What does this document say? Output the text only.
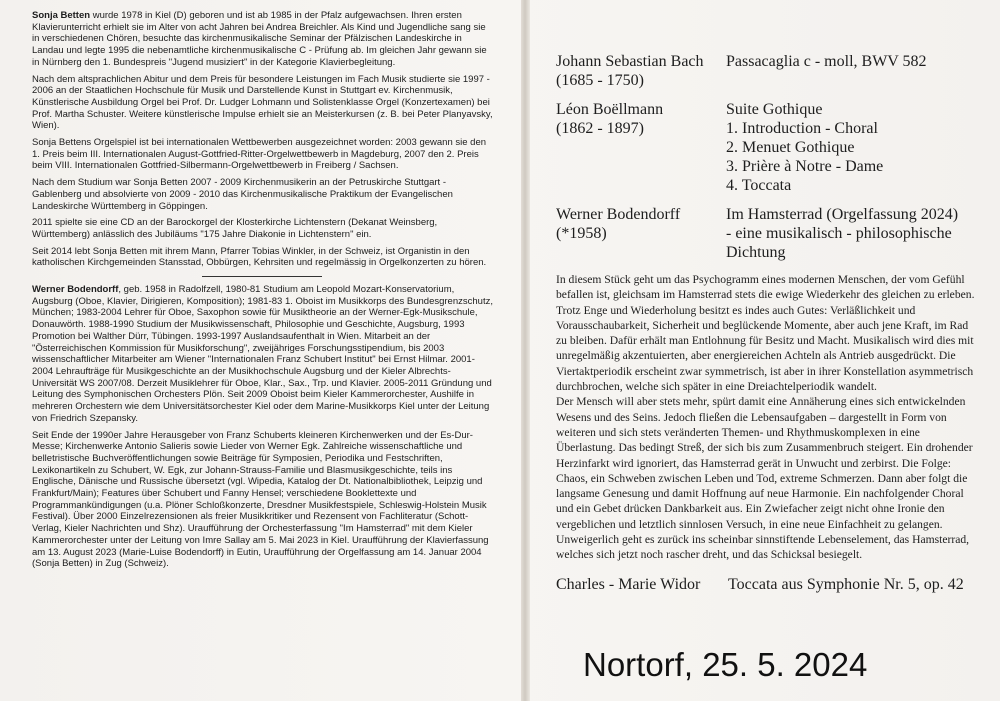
Sonja Betten wurde 1978 in Kiel (D) geboren und ist ab 1985 in der Pfalz aufgewachsen. Ihren ersten Klavierunterricht erhielt sie im Alter von acht Jahren bei Andrea Breichler. Als Kind und Jugendliche sang sie in verschiedenen Chören, besuchte das kirchenmusikalische Seminar der Pfälzischen Landeskirche in Landau und legte 1995 die nebenamtliche kirchenmusikalische C - Prüfung ab. Im gleichen Jahr gewann sie in Nürnberg den 1. Bundespreis "Jugend musiziert" in der Kategorie Klavierbegleitung.

Nach dem altsprachlichen Abitur und dem Preis für besondere Leistungen im Fach Musik studierte sie 1997 - 2006 an der Staatlichen Hochschule für Musik und Darstellende Kunst in Stuttgart ev. Kirchenmusik, Künstlerische Ausbildung Orgel bei Prof. Dr. Ludger Lohmann und Solistenklasse Orgel (Konzertexamen) bei Prof. Martha Schuster. Weitere künstlerische Impulse erhielt sie an Meisterkursen (z. B. bei Peter Planyavsky, Wien).

Sonja Bettens Orgelspiel ist bei internationalen Wettbewerben ausgezeichnet worden: 2003 gewann sie den 1. Preis beim III. Internationalen August-Gottfried-Ritter-Orgelwettbewerb in Magdeburg, 2007 den 2. Preis beim VIII. Internationalen Gottfried-Silbermann-Orgelwettbewerb in Freiberg / Sachsen.

Nach dem Studium war Sonja Betten 2007 - 2009 Kirchenmusikerin an der Petruskirche Stuttgart - Gablenberg und absolvierte von 2009 - 2010 das Kirchenmusikalische Praktikum der Evangelischen Landeskirche Württemberg in Göppingen.

2011 spielte sie eine CD an der Barockorgel der Klosterkirche Lichtenstern (Dekanat Weinsberg, Württemberg) anlässlich des Jubiläums "175 Jahre Diakonie in Lichtenstern" ein.

Seit 2014 lebt Sonja Betten mit ihrem Mann, Pfarrer Tobias Winkler, in der Schweiz, ist Organistin in den katholischen Kirchgemeinden Stansstad, Obbürgen, Kehrsiten und regelmässig in Orgelkonzerten zu hören.

Werner Bodendorff, geb. 1958 in Radolfzell, 1980-81 Studium am Leopold Mozart-Konservatorium, Augsburg (Oboe, Klavier, Dirigieren, Komposition); 1981-83 1. Oboist im Musikkorps des Bundesgrenzschutz, München; 1983-2004 Lehrer für Oboe, Saxophon sowie für Musiktheorie an der Werner-Egk-Musikschule, Donauwörth. 1988-1990 Studium der Musikwissenschaft, Philosophie und Geschichte, Augsburg, 1993 Promotion bei Walther Dürr, Tübingen. 1993-1997 Auslandsaufenthalt in Wien. Mitarbeit an der "Österreichischen Kommission für Musikforschung", zweijähriges Forschungsstipendium, bis 2003 wissenschaftlicher Mitarbeiter am Wiener "Internationalen Franz Schubert Institut" bei Ernst Hilmar. 2001-2004 Lehraufträge für Musikgeschichte an der Musikhochschule Augsburg und der Kieler Albrechts-Universität WS 2007/08. Derzeit Musiklehrer für Oboe, Klar., Sax., Trp. und Klavier. 2005-2011 Gründung und Leitung des Symphonischen Orchesters Plön. Seit 2009 Oboist beim Kieler Kammerorchester, Aushilfe in mehreren Orchestern wie dem Universitätsorchester Kiel oder dem Marine-Musikkorps Kiel unter der Leitung von Friedrich Szepansky.

Seit Ende der 1990er Jahre Herausgeber von Franz Schuberts kleineren Kirchenwerken und der Es-Dur-Messe; Kirchenwerke Antonio Salieris sowie Lieder von Werner Egk. Zahlreiche wissenschaftliche und belletristische Buchveröffentlichungen sowie Beiträge für Symposien, Periodika und Festschriften, Lexikonartikeln zu Schubert, W. Egk, zur Johann-Strauss-Familie und Blasmusikgeschichte, teils ins Englische, Dänische und Russische übersetzt (vgl. Wipedia, Katalog der Dt. Nationalbibliothek, Leipzig und Frankfurt/Main); Features über Schubert und Fanny Hensel; verschiedene Booklettexte und Programmankündigungen (u.a. Plöner Schloßkonzerte, Dresdner Musikfestspiele, Schleswig-Holstein Musik Festival). Über 2000 Einzelrezensionen als freier Musikkritiker und Rezensent von Fachliteratur (Schott-Verlag, Kieler Nachrichten und Shz). Uraufführung der Orchesterfassung "Im Hamsterrad" mit dem Kieler Kammerorchester unter der Leitung von Imre Sallay am 5. Mai 2023 in Kiel. Uraufführung der Klavierfassung am 13. August 2023 (Marie-Luise Bodendorff) in Eutin, Uraufführung der Orgelfassung am 14. Januar 2004 (Sonja Betten) in Zug (Schweiz).

Johann Sebastian Bach
(1685 - 1750)
Passacaglia c - moll, BWV 582
Léon Boëllmann
(1862 - 1897)
Suite Gothique
1. Introduction - Choral
2. Menuet Gothique
3. Prière à Notre - Dame
4. Toccata
Werner Bodendorff
(*1958)
Im Hamsterrad (Orgelfassung 2024)
- eine musikalisch - philosophische
Dichtung

In diesem Stück geht um das Psychogramm eines modernen Menschen, der vom Gefühl befallen ist, gleichsam im Hamsterrad stets die ewige Wiederkehr des gleichen zu erleben. Trotz Enge und Wiederholung besitzt es indes auch Gutes: Verläßlichkeit und Vorausschaubarkeit, Sicherheit und beglückende Momente, aber auch jene Kraft, im Rad zu bleiben. Dafür erhält man Entlohnung für Besitz und Macht. Musikalisch wird dies mit unregelmäßig akzentuierten, aber energiereichen Achteln als Antrieb ausgedrückt. Die Viertaktperiodik erscheint zwar symmetrisch, ist aber in ihrer Konstellation asymmetrisch durchbrochen, welche sich später in eine Dreiachtelperiodik wandelt.

Der Mensch will aber stets mehr, spürt damit eine Annäherung eines sich entwickelnden Wesens und des Seins. Jedoch fließen die Lebensaufgaben – dargestellt in Form von weiteren und sich stets veränderten Themen- und Rhythmuskomplexen in eine Überlastung. Das bedingt Streß, der sich bis zum Zusammenbruch steigert. Ein drohender Herzinfarkt wird ignoriert, das Hamsterrad gerät in Unwucht und zerbirst. Die Folge: Chaos, ein Schweben zwischen Leben und Tod, extreme Schmerzen. Dann aber folgt die langsame Genesung und damit Hoffnung auf neue Harmonie. Ein nachfolgender Choral und ein Gebet drücken Dankbarkeit aus. Ein Zwiefacher zeigt nicht ohne Ironie den vergeblichen und letztlich sinnlosen Versuch, in eine neue Einfachheit zu gelangen. Unweigerlich geht es zurück ins scheinbar sinnstiftende Lebenselement, das Hamsterrad, welches sich jetzt noch rascher dreht, und das Schicksal besiegelt.

Charles - Marie Widor	Toccata aus Symphonie Nr. 5, op. 42
Nortorf, 25. 5. 2024
